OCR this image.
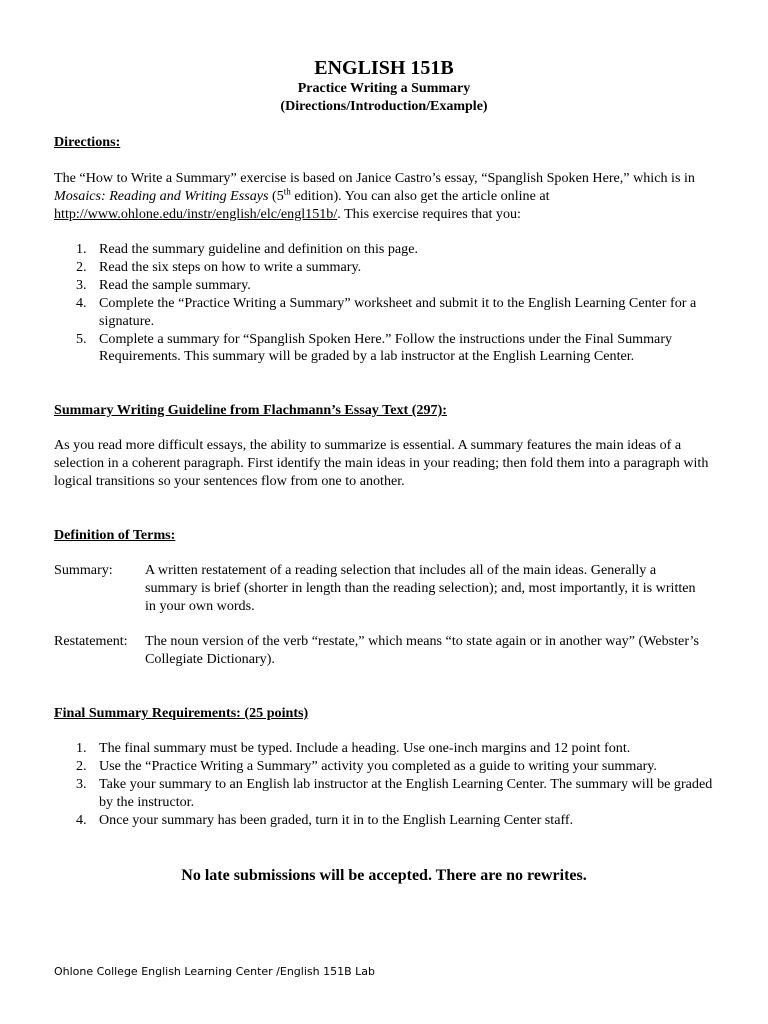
ENGLISH 151B
Practice Writing a Summary
(Directions/Introduction/Example)
Directions:

The “How to Write a Summary” exercise is based on Janice Castro’s essay, “Spanglish Spoken Here,” which is in Mosaics: Reading and Writing Essays (5th edition). You can also get the article online at http://www.ohlone.edu/instr/english/elc/engl151b/. This exercise requires that you:

1. Read the summary guideline and definition on this page.
2. Read the six steps on how to write a summary.
3. Read the sample summary.
4. Complete the “Practice Writing a Summary” worksheet and submit it to the English Learning Center for a signature.
5. Complete a summary for “Spanglish Spoken Here.” Follow the instructions under the Final Summary Requirements. This summary will be graded by a lab instructor at the English Learning Center.
Summary Writing Guideline from Flachmann’s Essay Text (297):
As you read more difficult essays, the ability to summarize is essential. A summary features the main ideas of a selection in a coherent paragraph. First identify the main ideas in your reading; then fold them into a paragraph with logical transitions so your sentences flow from one to another.
Definition of Terms:
Summary: A written restatement of a reading selection that includes all of the main ideas. Generally a summary is brief (shorter in length than the reading selection); and, most importantly, it is written in your own words.
Restatement: The noun version of the verb “restate,” which means “to state again or in another way” (Webster’s Collegiate Dictionary).
Final Summary Requirements: (25 points)
1. The final summary must be typed. Include a heading. Use one-inch margins and 12 point font.
2. Use the “Practice Writing a Summary” activity you completed as a guide to writing your summary.
3. Take your summary to an English lab instructor at the English Learning Center. The summary will be graded by the instructor.
4. Once your summary has been graded, turn it in to the English Learning Center staff.
No late submissions will be accepted. There are no rewrites.
Ohlone College English Learning Center /English 151B Lab
